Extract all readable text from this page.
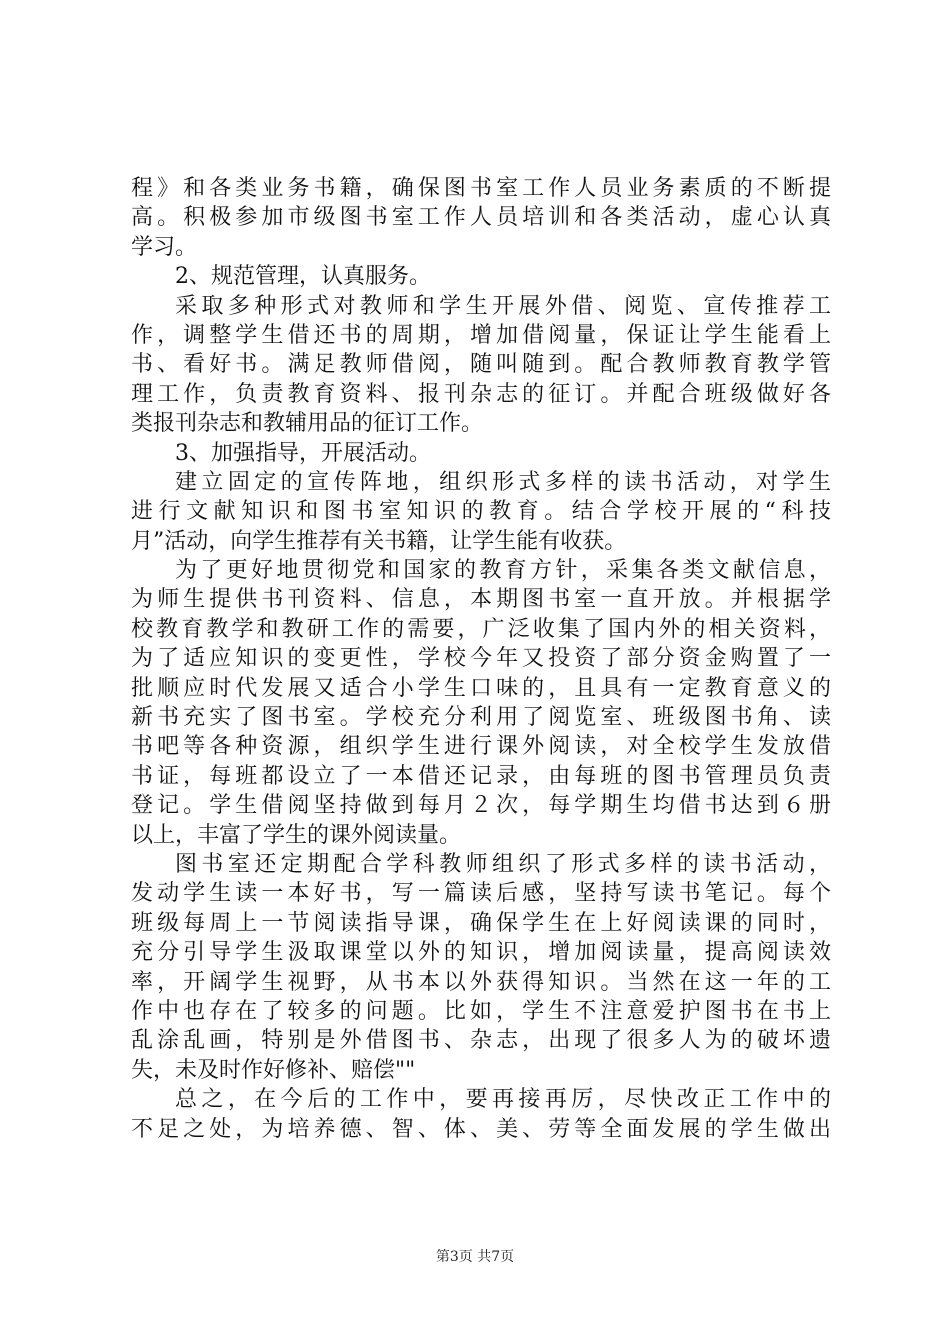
程》和各类业务书籍，确保图书室工作人员业务素质的不断提
高。积极参加市级图书室工作人员培训和各类活动，虚心认真
学习。
2、规范管理，认真服务。
采取多种形式对教师和学生开展外借、阅览、宣传推荐工
作，调整学生借还书的周期，增加借阅量，保证让学生能看上
书、看好书。满足教师借阅，随叫随到。配合教师教育教学管
理工作，负责教育资料、报刊杂志的征订。并配合班级做好各
类报刊杂志和教辅用品的征订工作。
3、加强指导，开展活动。
建立固定的宣传阵地，组织形式多样的读书活动，对学生
进行文献知识和图书室知识的教育。结合学校开展的“科技
月”活动，向学生推荐有关书籍，让学生能有收获。
为了更好地贯彻党和国家的教育方针，采集各类文献信息，
为师生提供书刊资料、信息，本期图书室一直开放。并根据学
校教育教学和教研工作的需要，广泛收集了国内外的相关资料，
为了适应知识的变更性，学校今年又投资了部分资金购置了一
批顺应时代发展又适合小学生口味的，且具有一定教育意义的
新书充实了图书室。学校充分利用了阅览室、班级图书角、读
书吧等各种资源，组织学生进行课外阅读，对全校学生发放借
书证，每班都设立了一本借还记录，由每班的图书管理员负责
登记。学生借阅坚持做到每月２次，每学期生均借书达到６册
以上，丰富了学生的课外阅读量。
图书室还定期配合学科教师组织了形式多样的读书活动，
发动学生读一本好书，写一篇读后感，坚持写读书笔记。每个
班级每周上一节阅读指导课，确保学生在上好阅读课的同时，
充分引导学生汲取课堂以外的知识，增加阅读量，提高阅读效
率，开阔学生视野，从书本以外获得知识。当然在这一年的工
作中也存在了较多的问题。比如，学生不注意爱护图书在书上
乱涂乱画，特别是外借图书、杂志，出现了很多人为的破坏遗
失，未及时作好修补、赔偿""
总之，在今后的工作中，要再接再厉，尽快改正工作中的
不足之处，为培养德、智、体、美、劳等全面发展的学生做出
第3页 共7页
